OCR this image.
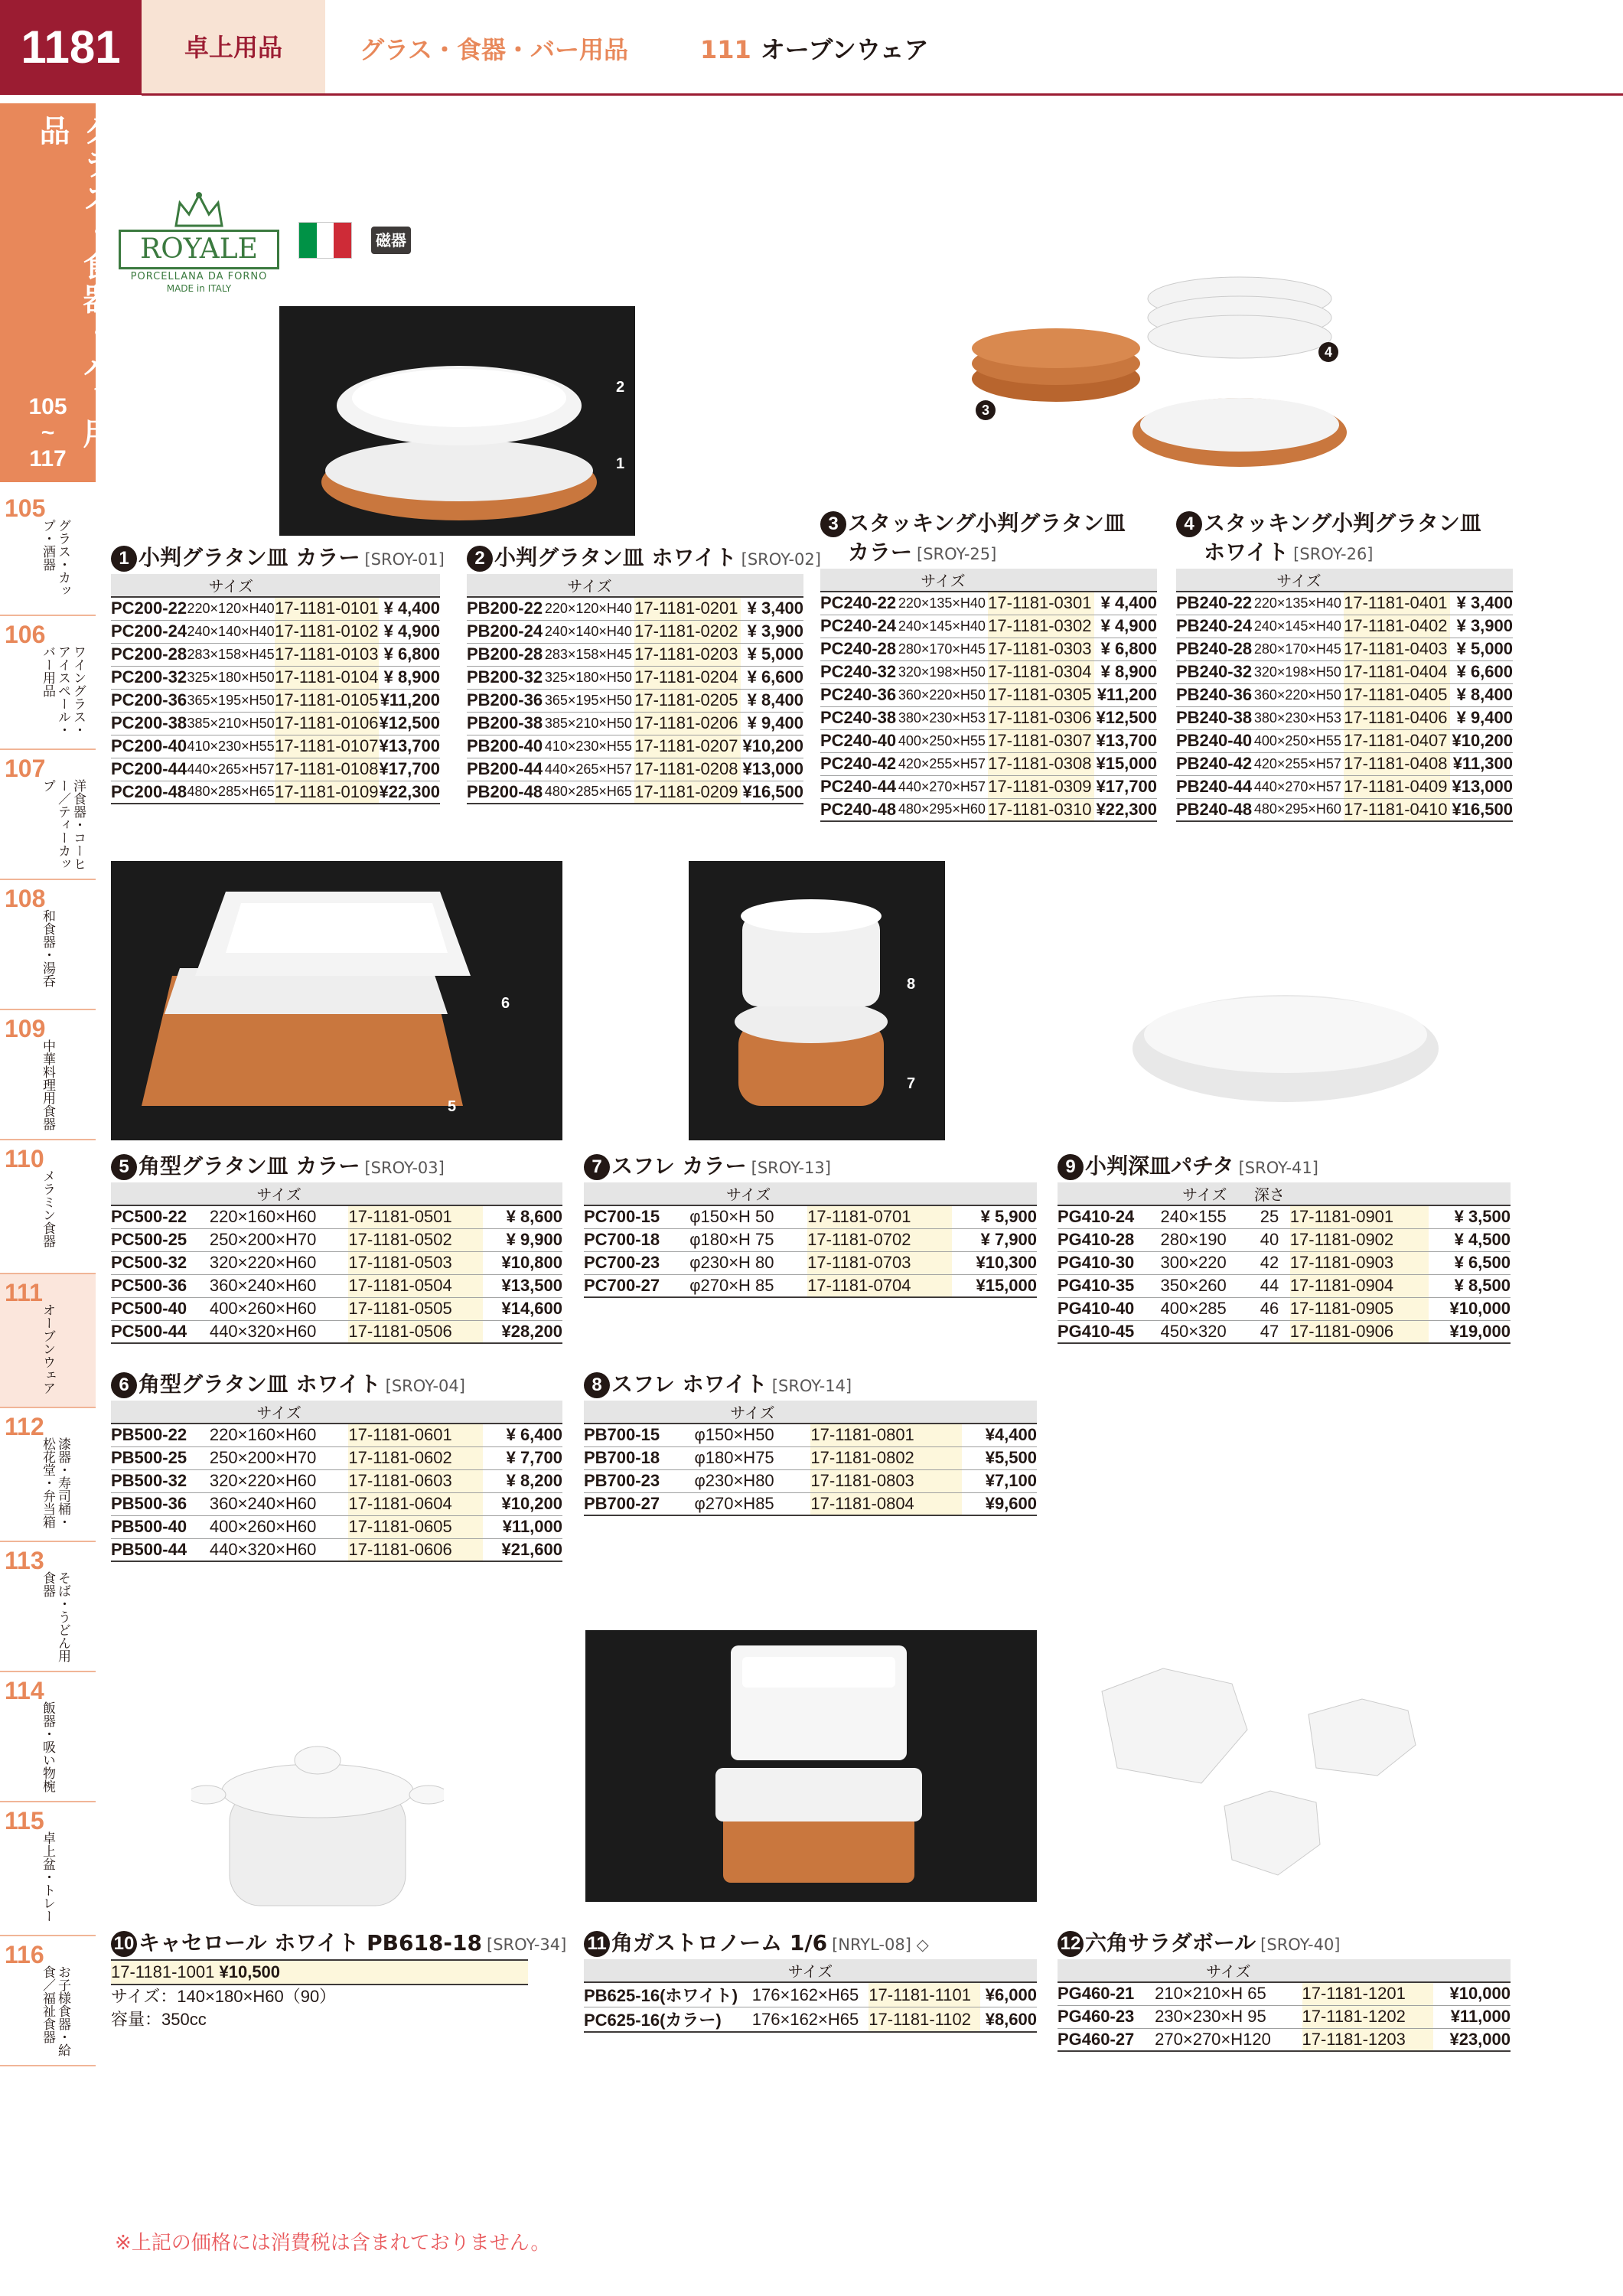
1181	卓上用品	グラス・食器・バー用品	111 オーブンウェア
グラス・食器・バー用品
105
~
117
105
グラス・カップ・酒器
106
ワイングラス・アイスペール・バー用品
107
洋食器・コーヒー／ティーカップ
108
和食器・湯呑
109
中華料理用食器
110
メラミン食器
111
オーブンウェア
112
漆器・寿司桶・松花堂・弁当箱
113
そば・うどん用食器
114
飯器・吸い物椀
115
卓上盆・トレー
116
お子様食器・給食／福祉食器
ROYALE
PORCELLANA DA FORNO
MADE in ITALY
磁器
2
1
4
3
6
5
8
7
1 小判グラタン皿 カラー [SROY-01]
	サイズ		
PC200-22	220×120×H40	17-1181-0101	¥ 4,400
PC200-24	240×140×H40	17-1181-0102	¥ 4,900
PC200-28	283×158×H45	17-1181-0103	¥ 6,800
PC200-32	325×180×H50	17-1181-0104	¥ 8,900
PC200-36	365×195×H50	17-1181-0105	¥11,200
PC200-38	385×210×H50	17-1181-0106	¥12,500
PC200-40	410×230×H55	17-1181-0107	¥13,700
PC200-44	440×265×H57	17-1181-0108	¥17,700
PC200-48	480×285×H65	17-1181-0109	¥22,300
2 小判グラタン皿 ホワイト [SROY-02]
	サイズ		
PB200-22	220×120×H40	17-1181-0201	¥ 3,400
PB200-24	240×140×H40	17-1181-0202	¥ 3,900
PB200-28	283×158×H45	17-1181-0203	¥ 5,000
PB200-32	325×180×H50	17-1181-0204	¥ 6,600
PB200-36	365×195×H50	17-1181-0205	¥ 8,400
PB200-38	385×210×H50	17-1181-0206	¥ 9,400
PB200-40	410×230×H55	17-1181-0207	¥10,200
PB200-44	440×265×H57	17-1181-0208	¥13,000
PB200-48	480×285×H65	17-1181-0209	¥16,500
3 スタッキング小判グラタン皿
カラー [SROY-25]
	サイズ		
PC240-22	220×135×H40	17-1181-0301	¥ 4,400
PC240-24	240×145×H40	17-1181-0302	¥ 4,900
PC240-28	280×170×H45	17-1181-0303	¥ 6,800
PC240-32	320×198×H50	17-1181-0304	¥ 8,900
PC240-36	360×220×H50	17-1181-0305	¥11,200
PC240-38	380×230×H53	17-1181-0306	¥12,500
PC240-40	400×250×H55	17-1181-0307	¥13,700
PC240-42	420×255×H57	17-1181-0308	¥15,000
PC240-44	440×270×H57	17-1181-0309	¥17,700
PC240-48	480×295×H60	17-1181-0310	¥22,300
4 スタッキング小判グラタン皿
ホワイト [SROY-26]
	サイズ		
PB240-22	220×135×H40	17-1181-0401	¥ 3,400
PB240-24	240×145×H40	17-1181-0402	¥ 3,900
PB240-28	280×170×H45	17-1181-0403	¥ 5,000
PB240-32	320×198×H50	17-1181-0404	¥ 6,600
PB240-36	360×220×H50	17-1181-0405	¥ 8,400
PB240-38	380×230×H53	17-1181-0406	¥ 9,400
PB240-40	400×250×H55	17-1181-0407	¥10,200
PB240-42	420×255×H57	17-1181-0408	¥11,300
PB240-44	440×270×H57	17-1181-0409	¥13,000
PB240-48	480×295×H60	17-1181-0410	¥16,500
5 角型グラタン皿 カラー [SROY-03]
	サイズ		
PC500-22	220×160×H60	17-1181-0501	¥ 8,600
PC500-25	250×200×H70	17-1181-0502	¥ 9,900
PC500-32	320×220×H60	17-1181-0503	¥10,800
PC500-36	360×240×H60	17-1181-0504	¥13,500
PC500-40	400×260×H60	17-1181-0505	¥14,600
PC500-44	440×320×H60	17-1181-0506	¥28,200
6 角型グラタン皿 ホワイト [SROY-04]
	サイズ		
PB500-22	220×160×H60	17-1181-0601	¥ 6,400
PB500-25	250×200×H70	17-1181-0602	¥ 7,700
PB500-32	320×220×H60	17-1181-0603	¥ 8,200
PB500-36	360×240×H60	17-1181-0604	¥10,200
PB500-40	400×260×H60	17-1181-0605	¥11,000
PB500-44	440×320×H60	17-1181-0606	¥21,600
7 スフレ カラー [SROY-13]
	サイズ		
PC700-15	φ150×H 50	17-1181-0701	¥ 5,900
PC700-18	φ180×H 75	17-1181-0702	¥ 7,900
PC700-23	φ230×H 80	17-1181-0703	¥10,300
PC700-27	φ270×H 85	17-1181-0704	¥15,000
8 スフレ ホワイト [SROY-14]
	サイズ		
PB700-15	φ150×H50	17-1181-0801	¥4,400
PB700-18	φ180×H75	17-1181-0802	¥5,500
PB700-23	φ230×H80	17-1181-0803	¥7,100
PB700-27	φ270×H85	17-1181-0804	¥9,600
9 小判深皿パチタ [SROY-41]
	サイズ	深さ		
PG410-24	240×155	25	17-1181-0901	¥ 3,500
PG410-28	280×190	40	17-1181-0902	¥ 4,500
PG410-30	300×220	42	17-1181-0903	¥ 6,500
PG410-35	350×260	44	17-1181-0904	¥ 8,500
PG410-40	400×285	46	17-1181-0905	¥10,000
PG410-45	450×320	47	17-1181-0906	¥19,000
10 キャセロール ホワイト PB618-18 [SROY-34]
17-1181-1001 ¥10,500
サイズ：140×180×H60（90）
容量：350cc
11 角ガストロノーム 1/6 [NRYL-08] ◇
	サイズ		
PB625-16(ホワイト)	176×162×H65	17-1181-1101	¥6,000
PC625-16(カラー)	176×162×H65	17-1181-1102	¥8,600
12 六角サラダボール [SROY-40]
	サイズ		
PG460-21	210×210×H 65	17-1181-1201	¥10,000
PG460-23	230×230×H 95	17-1181-1202	¥11,000
PG460-27	270×270×H120	17-1181-1203	¥23,000
※上記の価格には消費税は含まれておりません。
